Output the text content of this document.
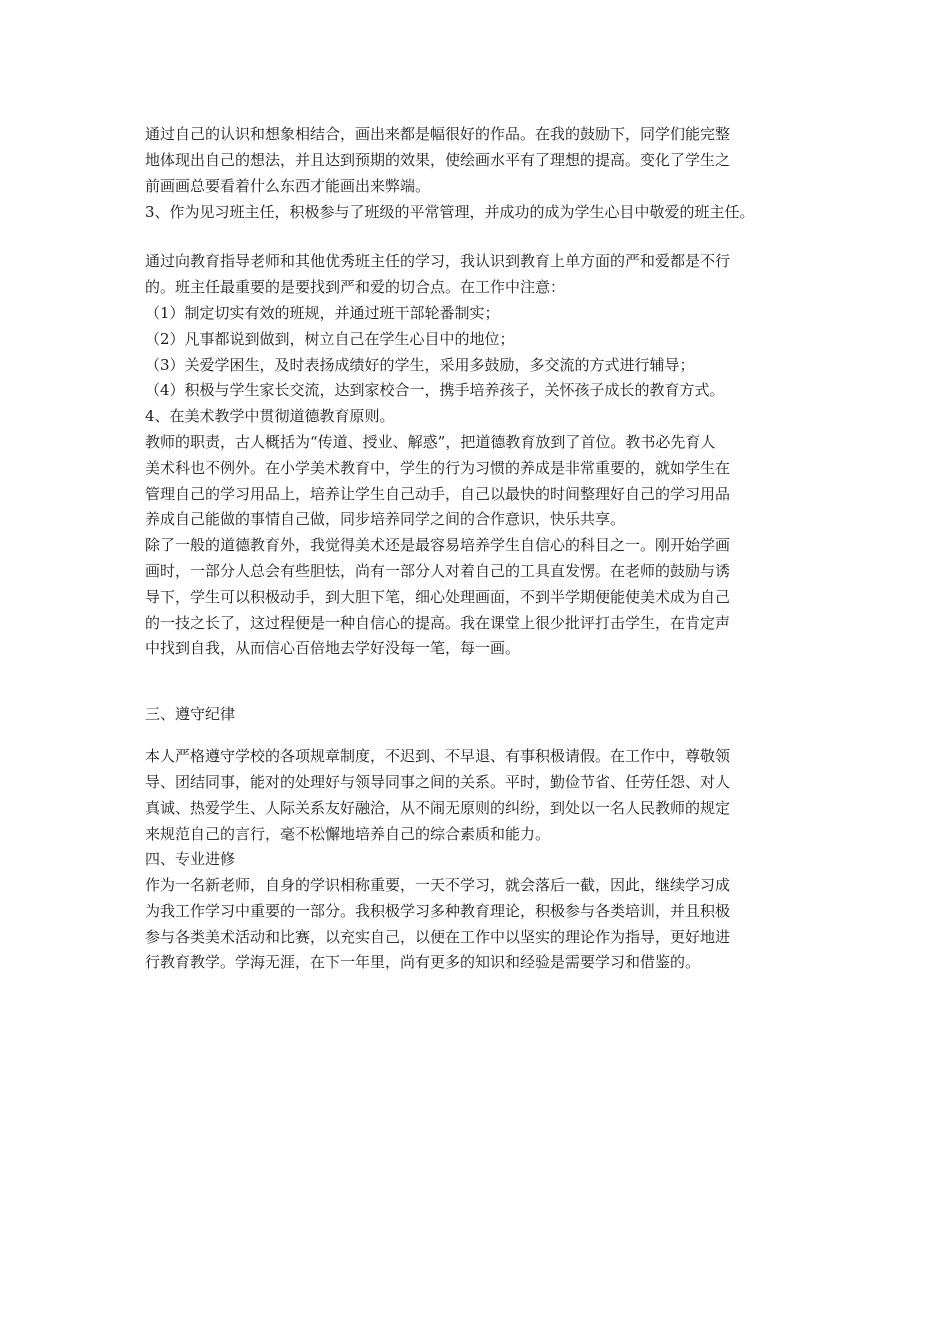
通过自己的认识和想象相结合，画出来都是幅很好的作品。在我的鼓励下，同学们能完整
地体现出自己的想法，并且达到预期的效果，使绘画水平有了理想的提高。变化了学生之
前画画总要看着什么东西才能画出来弊端。
3、作为见习班主任，积极参与了班级的平常管理，并成功的成为学生心目中敬爱的班主任。
通过向教育指导老师和其他优秀班主任的学习，我认识到教育上单方面的严和爱都是不行
的。班主任最重要的是要找到严和爱的切合点。在工作中注意：
（1）制定切实有效的班规，并通过班干部轮番制实；
（2）凡事都说到做到，树立自己在学生心目中的地位；
（3）关爱学困生，及时表扬成绩好的学生，采用多鼓励，多交流的方式进行辅导；
（4）积极与学生家长交流，达到家校合一，携手培养孩子，关怀孩子成长的教育方式。
4、在美术教学中贯彻道德教育原则。
教师的职责，古人概括为“传道、授业、解惑”，把道德教育放到了首位。教书必先育人
美术科也不例外。在小学美术教育中，学生的行为习惯的养成是非常重要的，就如学生在
管理自己的学习用品上，培养让学生自己动手，自己以最快的时间整理好自己的学习用品
养成自己能做的事情自己做，同步培养同学之间的合作意识，快乐共享。
除了一般的道德教育外，我觉得美术还是最容易培养学生自信心的科目之一。刚开始学画
画时，一部分人总会有些胆怯，尚有一部分人对着自己的工具直发愣。在老师的鼓励与诱
导下，学生可以积极动手，到大胆下笔，细心处理画面，不到半学期便能使美术成为自己
的一技之长了，这过程便是一种自信心的提高。我在课堂上很少批评打击学生，在肯定声
中找到自我，从而信心百倍地去学好没每一笔，每一画。
三、遵守纪律
本人严格遵守学校的各项规章制度，不迟到、不早退、有事积极请假。在工作中，尊敬领
导、团结同事，能对的处理好与领导同事之间的关系。平时，勤俭节省、任劳任怨、对人
真诚、热爱学生、人际关系友好融洽，从不闹无原则的纠纷，到处以一名人民教师的规定
来规范自己的言行，毫不松懈地培养自己的综合素质和能力。
四、专业进修
作为一名新老师，自身的学识相称重要，一天不学习，就会落后一截，因此，继续学习成
为我工作学习中重要的一部分。我积极学习多种教育理论，积极参与各类培训，并且积极
参与各类美术活动和比赛，以充实自己，以便在工作中以坚实的理论作为指导，更好地进
行教育教学。学海无涯，在下一年里，尚有更多的知识和经验是需要学习和借鉴的。
